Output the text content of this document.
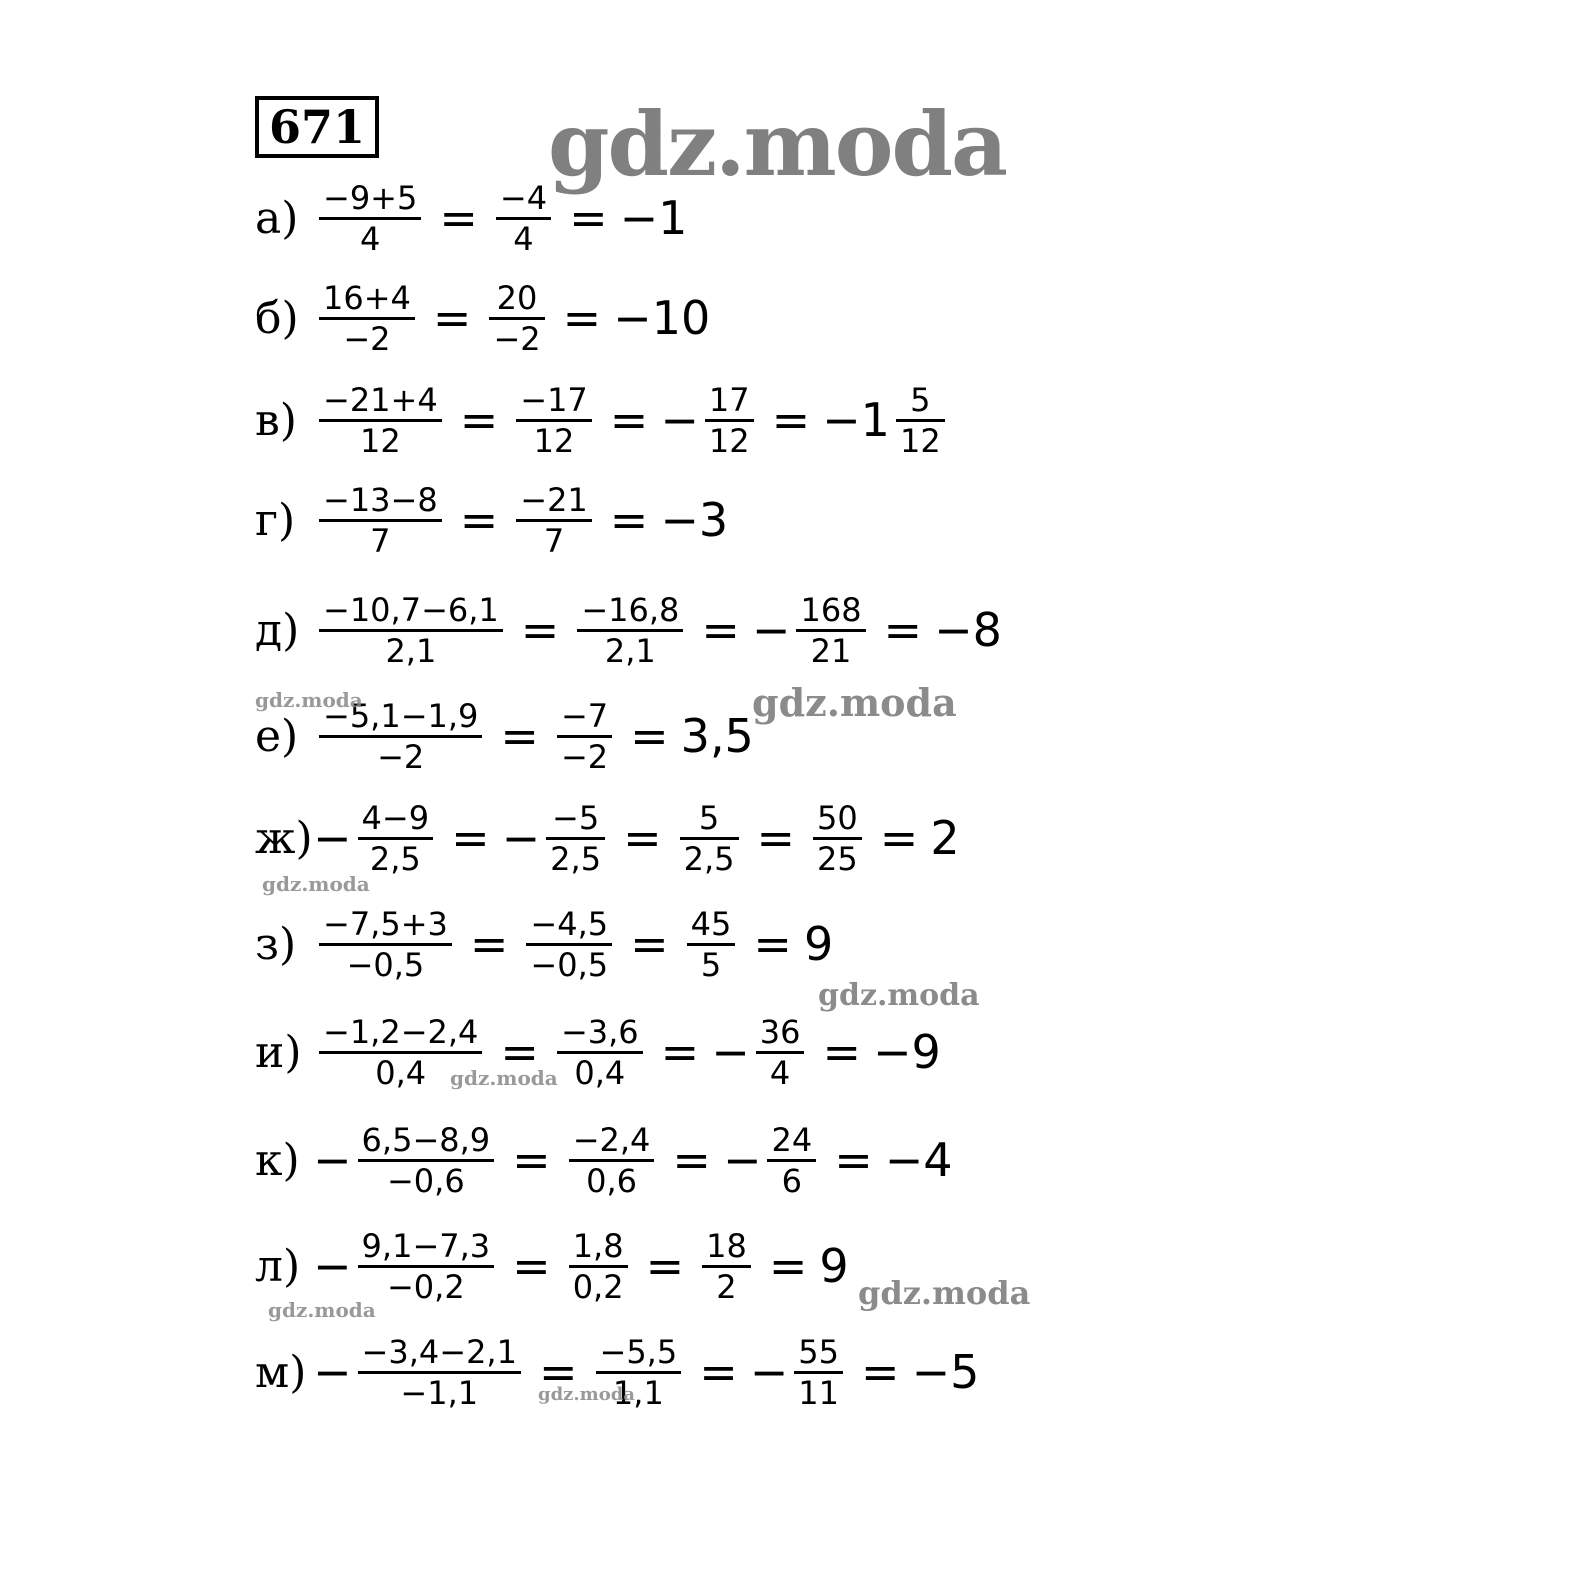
671 gdz.moda
$а) \frac{-9+5}{4} = \frac{-4}{4} = -1$
$б) \frac{16+4}{-2} = \frac{20}{-2} = -10$
$в) \frac{-21+4}{12} = \frac{-17}{12}$ = − $\frac{17}{12} = -1 \frac{5}{12}$
$г) \frac{-13-8}{7} = \frac{-21}{7} = -3$
$д) \frac{-10,7-6,1}{2,1} = \frac{-16,8}{2,1}$ = − $\frac{168}{21} = -8$
$е) \frac{-5,1-1,9}{-2} = \frac{-7}{-2} = 3,5$
$ж) - \frac{4-9}{2,5}$ = − $\frac{-5}{2,5} = \frac{5}{2,5} = \frac{50}{25} = 2$
$з) \frac{-7,5+3}{-0,5} = \frac{-4,5}{-0,5} = \frac{45}{5} = 9$
$и) \frac{-1,2-2,4}{0,4} = \frac{-3,6}{0,4}$ = − $\frac{36}{4} = -9$
$к) - \frac{6,5-8,9}{-0,6} = \frac{-2,4}{0,6}$ = − $\frac{24}{6} = -4$
$л) - \frac{9,1-7,3}{-0,2} = \frac{1,8}{0,2} = \frac{18}{2} = 9$
$м) - \frac{-3,4-2,1}{-1,1} = \frac{-5,5}{1,1}$ = − $\frac{55}{11} = -5$
gdz.moda
gdz.moda
gdz.moda
gdz.moda
gdz.moda
gdz.moda	gdz.moda
gdz.moda
